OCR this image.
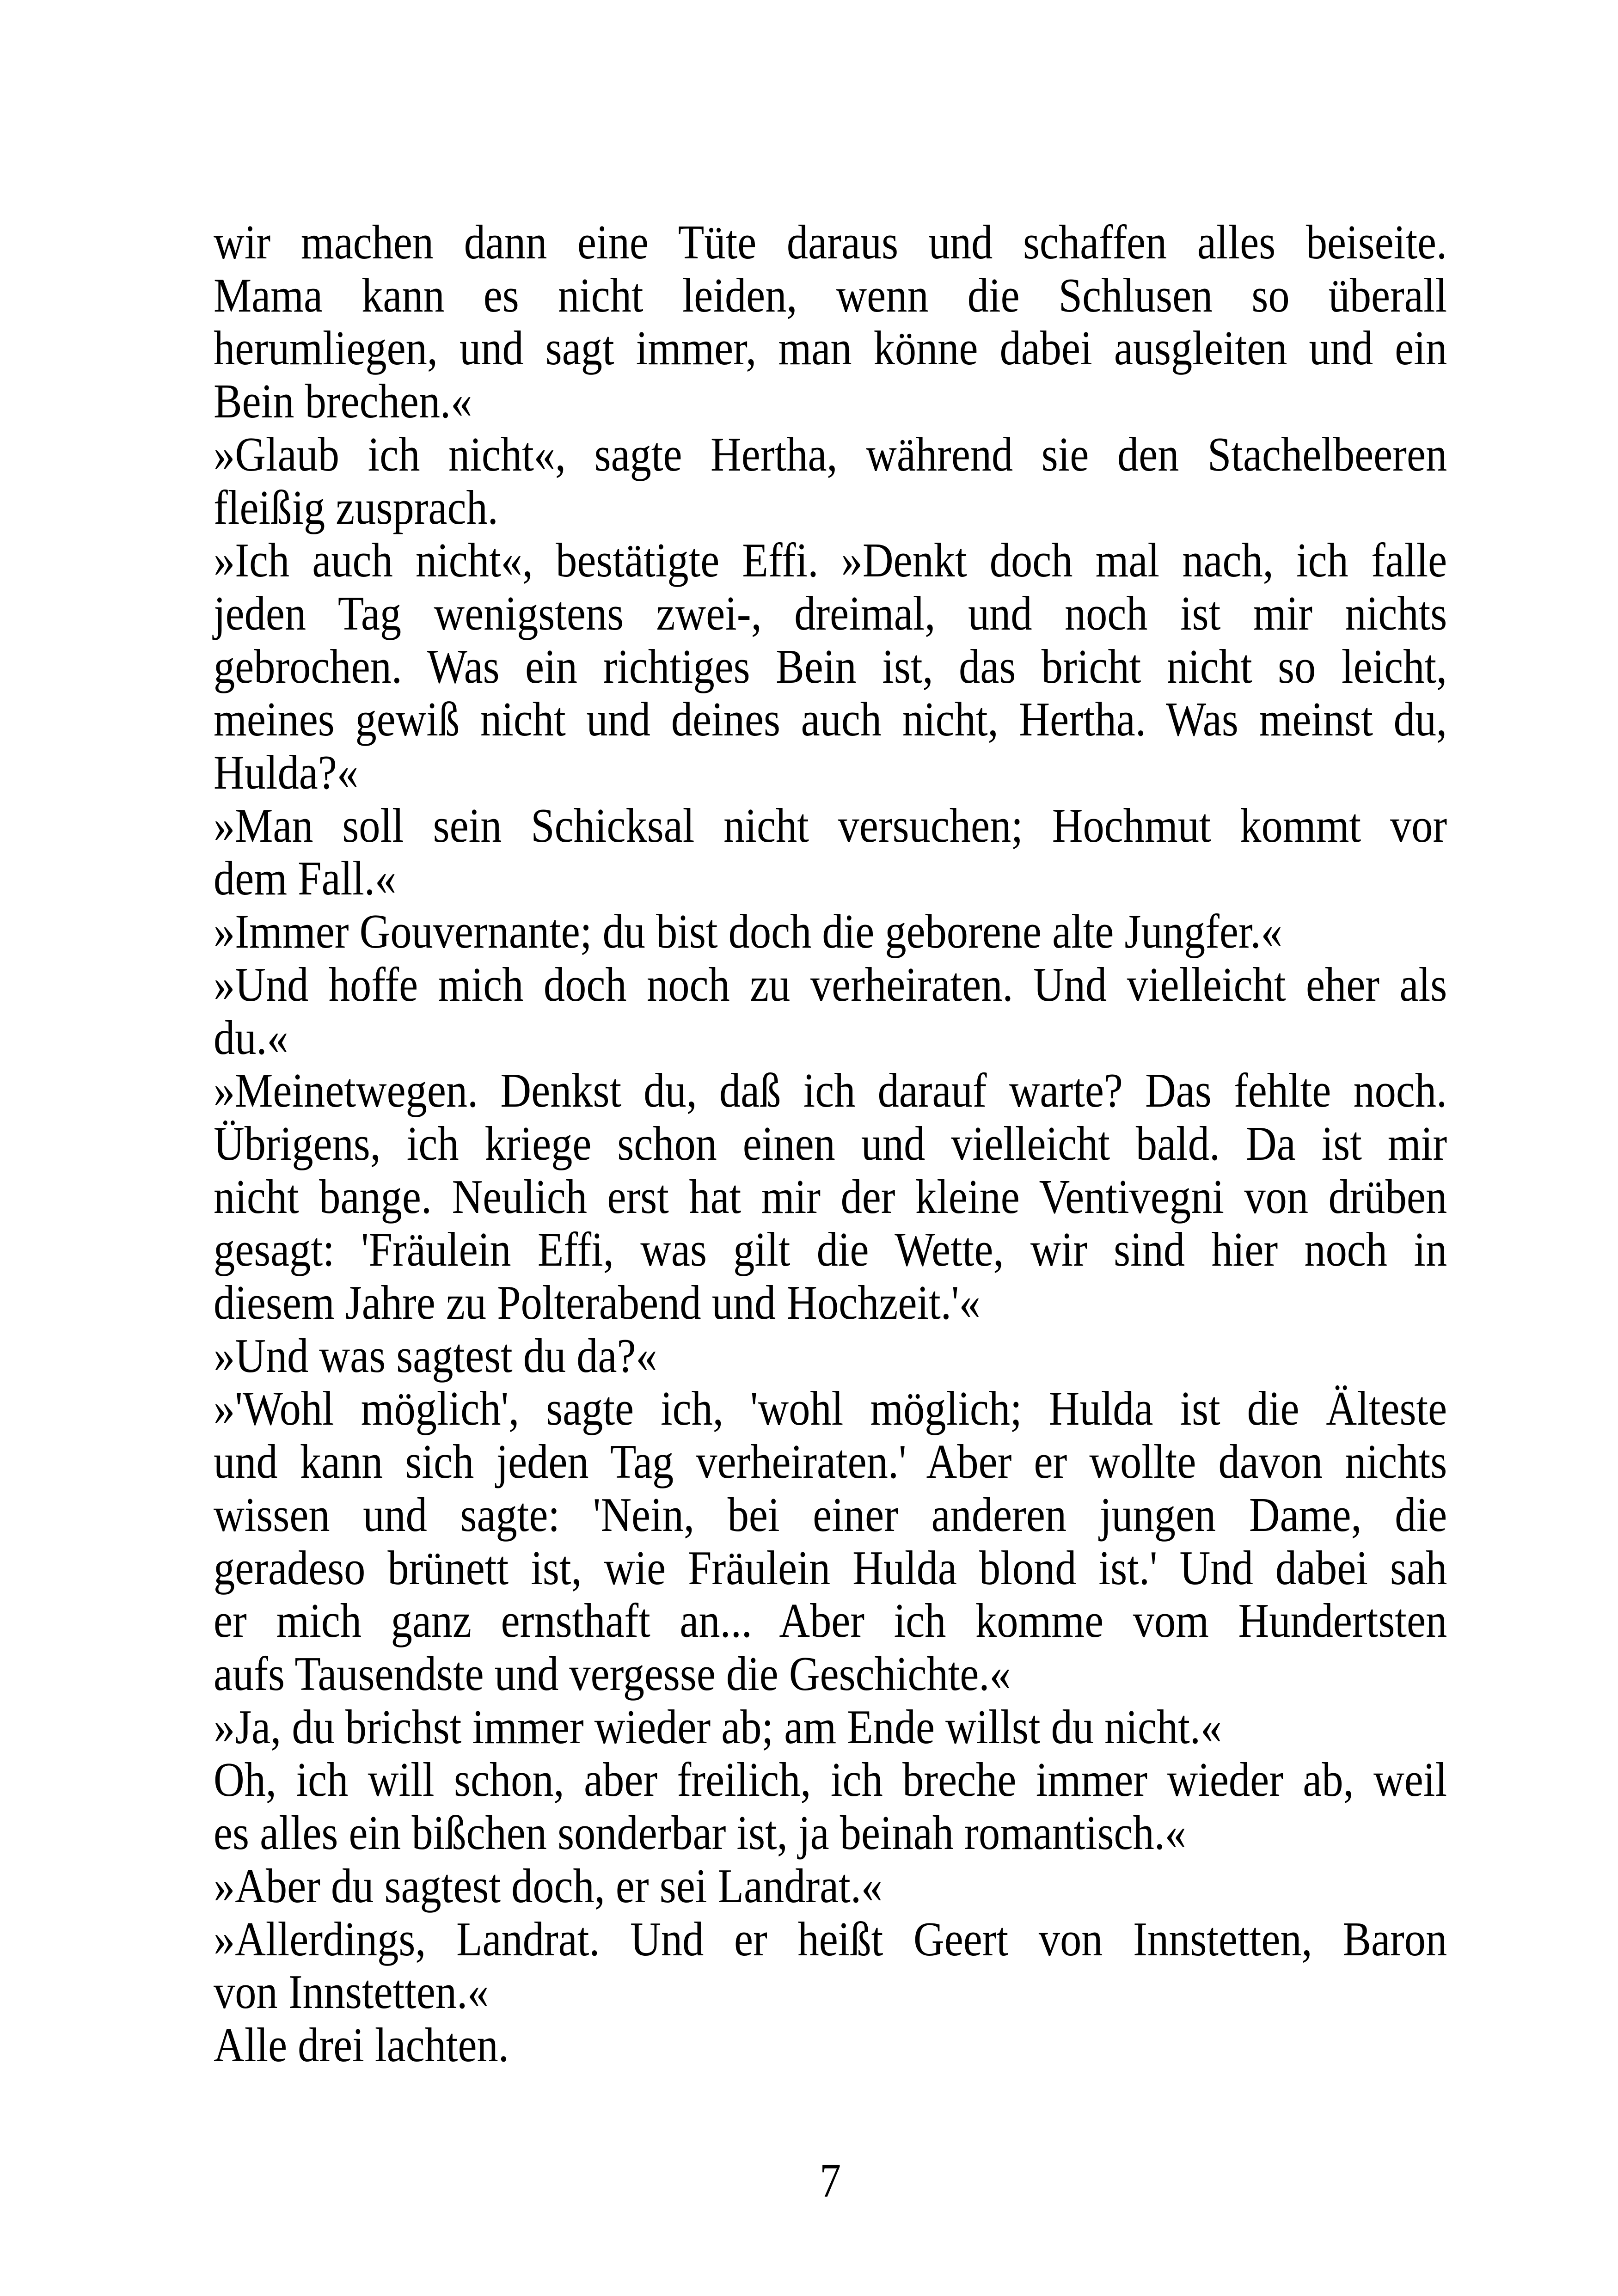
wir machen dann eine Tüte daraus und schaffen alles beiseite.
Mama kann es nicht leiden, wenn die Schlusen so überall
herumliegen, und sagt immer, man könne dabei ausgleiten und ein
Bein brechen.«

»Glaub ich nicht«, sagte Hertha, während sie den Stachelbeeren
fleißig zusprach.

»Ich auch nicht«, bestätigte Effi. »Denkt doch mal nach, ich falle
jeden Tag wenigstens zwei-, dreimal, und noch ist mir nichts
gebrochen. Was ein richtiges Bein ist, das bricht nicht so leicht,
meines gewiß nicht und deines auch nicht, Hertha. Was meinst du,
Hulda?«

»Man soll sein Schicksal nicht versuchen; Hochmut kommt vor
dem Fall.«

»Immer Gouvernante; du bist doch die geborene alte Jungfer.«

»Und hoffe mich doch noch zu verheiraten. Und vielleicht eher als
du.«

»Meinetwegen. Denkst du, daß ich darauf warte? Das fehlte noch.
Übrigens, ich kriege schon einen und vielleicht bald. Da ist mir
nicht bange. Neulich erst hat mir der kleine Ventivegni von drüben
gesagt: 'Fräulein Effi, was gilt die Wette, wir sind hier noch in
diesem Jahre zu Polterabend und Hochzeit.'«

»Und was sagtest du da?«

»'Wohl möglich', sagte ich, 'wohl möglich; Hulda ist die Älteste
und kann sich jeden Tag verheiraten.' Aber er wollte davon nichts
wissen und sagte: 'Nein, bei einer anderen jungen Dame, die
geradeso brünett ist, wie Fräulein Hulda blond ist.' Und dabei sah
er mich ganz ernsthaft an... Aber ich komme vom Hundertsten
aufs Tausendste und vergesse die Geschichte.«

»Ja, du brichst immer wieder ab; am Ende willst du nicht.«

Oh, ich will schon, aber freilich, ich breche immer wieder ab, weil
es alles ein bißchen sonderbar ist, ja beinah romantisch.«

»Aber du sagtest doch, er sei Landrat.«

»Allerdings, Landrat. Und er heißt Geert von Innstetten, Baron
von Innstetten.«

Alle drei lachten.

7
